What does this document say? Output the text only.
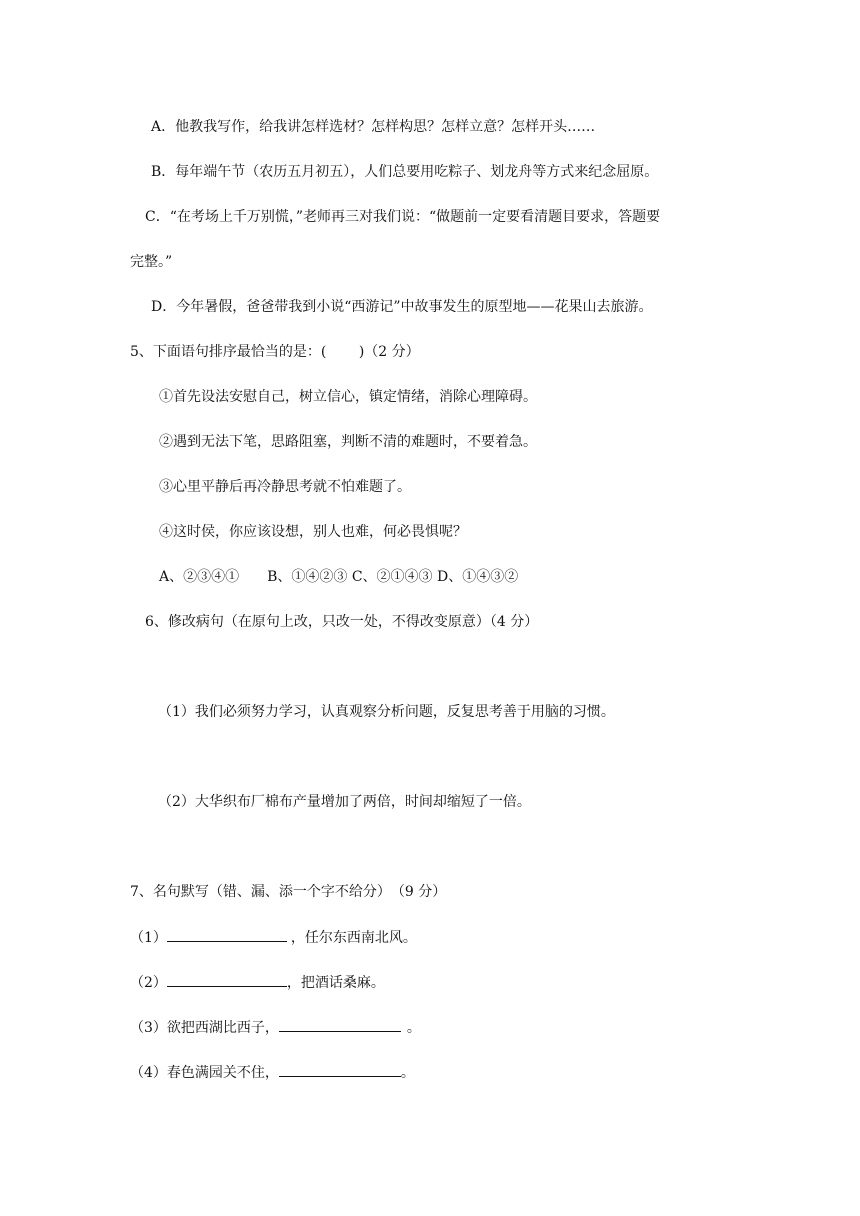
A．他教我写作，给我讲怎样选材？怎样构思？怎样立意？怎样开头……
B．每年端午节（农历五月初五），人们总要用吃粽子、划龙舟等方式来纪念屈原。
C．“在考场上千万别慌，”老师再三对我们说：“做题前一定要看清题目要求，答题要
完整。”
D．今年暑假，爸爸带我到小说“西游记”中故事发生的原型地——花果山去旅游。
5、下面语句排序最恰当的是：(　　 )（2 分）
①首先设法安慰自己，树立信心，镇定情绪，消除心理障碍。
②遇到无法下笔，思路阻塞，判断不清的难题时，不要着急。
③心里平静后再冷静思考就不怕难题了。
④这时侯，你应该设想，别人也难，何必畏惧呢？
A、②③④①　　B、①④②③ C、②①④③ D、①④③②
6、修改病句（在原句上改，只改一处，不得改变原意）（4 分）
（1）我们必须努力学习，认真观察分析问题，反复思考善于用脑的习惯。
（2）大华织布厂棉布产量增加了两倍，时间却缩短了一倍。
7、名句默写（错、漏、添一个字不给分）　（9 分）
（1）	，任尔东西南北风。
（2）	，把酒话桑麻。
（3）欲把西湖比西子，	。
（4）春色满园关不住，	。
